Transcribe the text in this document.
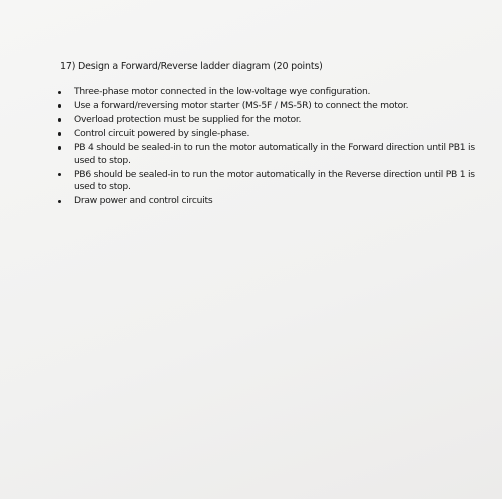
17) Design a Forward/Reverse ladder diagram (20 points)
Three-phase motor connected in the low-voltage wye configuration.
Use a forward/reversing motor starter (MS-5F / MS-5R) to connect the motor.
Overload protection must be supplied for the motor.
Control circuit powered by single-phase.
PB 4 should be sealed-in to run the motor automatically in the Forward direction until PB1 is used to stop.
PB6 should be sealed-in to run the motor automatically in the Reverse direction until PB 1 is used to stop.
Draw power and control circuits
